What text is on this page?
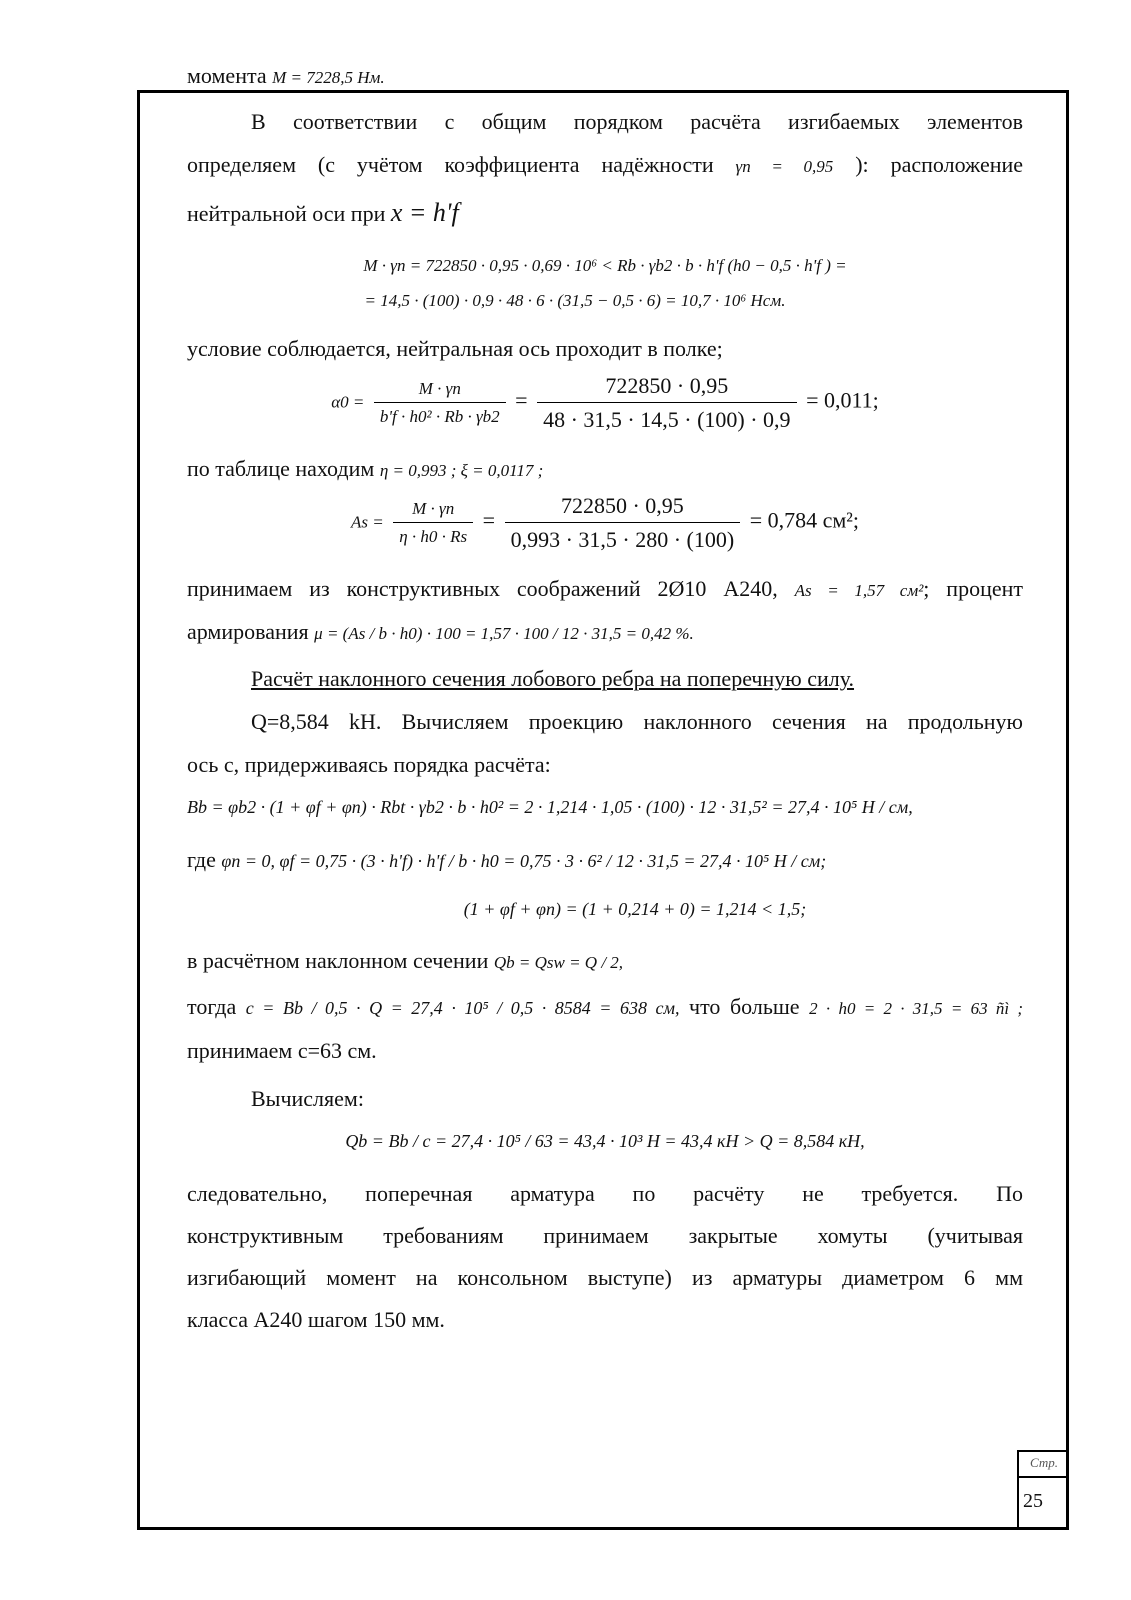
момента M = 7228,5 Нм.
В соответствии с общим порядком расчёта изгибаемых элементов
определяем (с учётом коэффициента надёжности γn = 0,95 ): расположение
нейтральной оси при x = h'f
M · γn = 722850 · 0,95 · 0,69 · 10⁶ < Rb · γb2 · b · h'f (h0 − 0,5 · h'f ) =
= 14,5 · (100) · 0,9 · 48 · 6 · (31,5 − 0,5 · 6) = 10,7 · 10⁶ Нсм.
условие соблюдается, нейтральная ось проходит в полке;
$\alpha 0 = \frac{M \cdot \gamma n}{\text{b'f · h0² · Rb · γb2}} = \frac{722850 \cdot 0,95}{48 \cdot 31,5 \cdot 14,5 \cdot (100) \cdot 0,9} = 0,011$;
по таблице находим η = 0,993 ; ξ = 0,0117 ;
$As = \frac{M \cdot \gamma n}{\eta \cdot h0 \cdot Rs} = \frac{722850 \cdot 0,95}{0,993 \cdot 31,5 \cdot 280 \cdot (100)} = 0,784$ см²;
принимаем из конструктивных соображений 2Ø10 А240, As = 1,57 см²; процент
армирования μ = (As / b · h0) · 100 = 1,57 · 100 / 12 · 31,5 = 0,42 %.
Расчёт наклонного сечения лобового ребра на поперечную силу.
Q=8,584 kH. Вычисляем проекцию наклонного сечения на продольную
ось c, придерживаясь порядка расчёта:
Bb = φb2 · (1 + φf + φn) · Rbt · γb2 · b · h0² = 2 · 1,214 · 1,05 · (100) · 12 · 31,5² = 27,4 · 10⁵ Н / см,
где φn = 0, φf = 0,75 · (3 · h'f) · h'f / b · h0 = 0,75 · 3 · 6² / 12 · 31,5 = 27,4 · 10⁵ Н / см;
(1 + φf + φn) = (1 + 0,214 + 0) = 1,214 < 1,5;
в расчётном наклонном сечении Qb = Qsw = Q / 2,
тогда c = Bb / 0,5 · Q = 27,4 · 10⁵ / 0,5 · 8584 = 638 см, что больше 2 · h0 = 2 · 31,5 = 63 ñì ;
принимаем c=63 см.
Вычисляем:
Qb = Bb / c = 27,4 · 10⁵ / 63 = 43,4 · 10³ Н = 43,4 кН > Q = 8,584 кН,
следовательно, поперечная арматура по расчёту не требуется. По
конструктивным требованиям принимаем закрытые хомуты (учитывая
изгибающий момент на консольном выступе) из арматуры диаметром 6 мм
класса А240 шагом 150 мм.
Стр.
25
